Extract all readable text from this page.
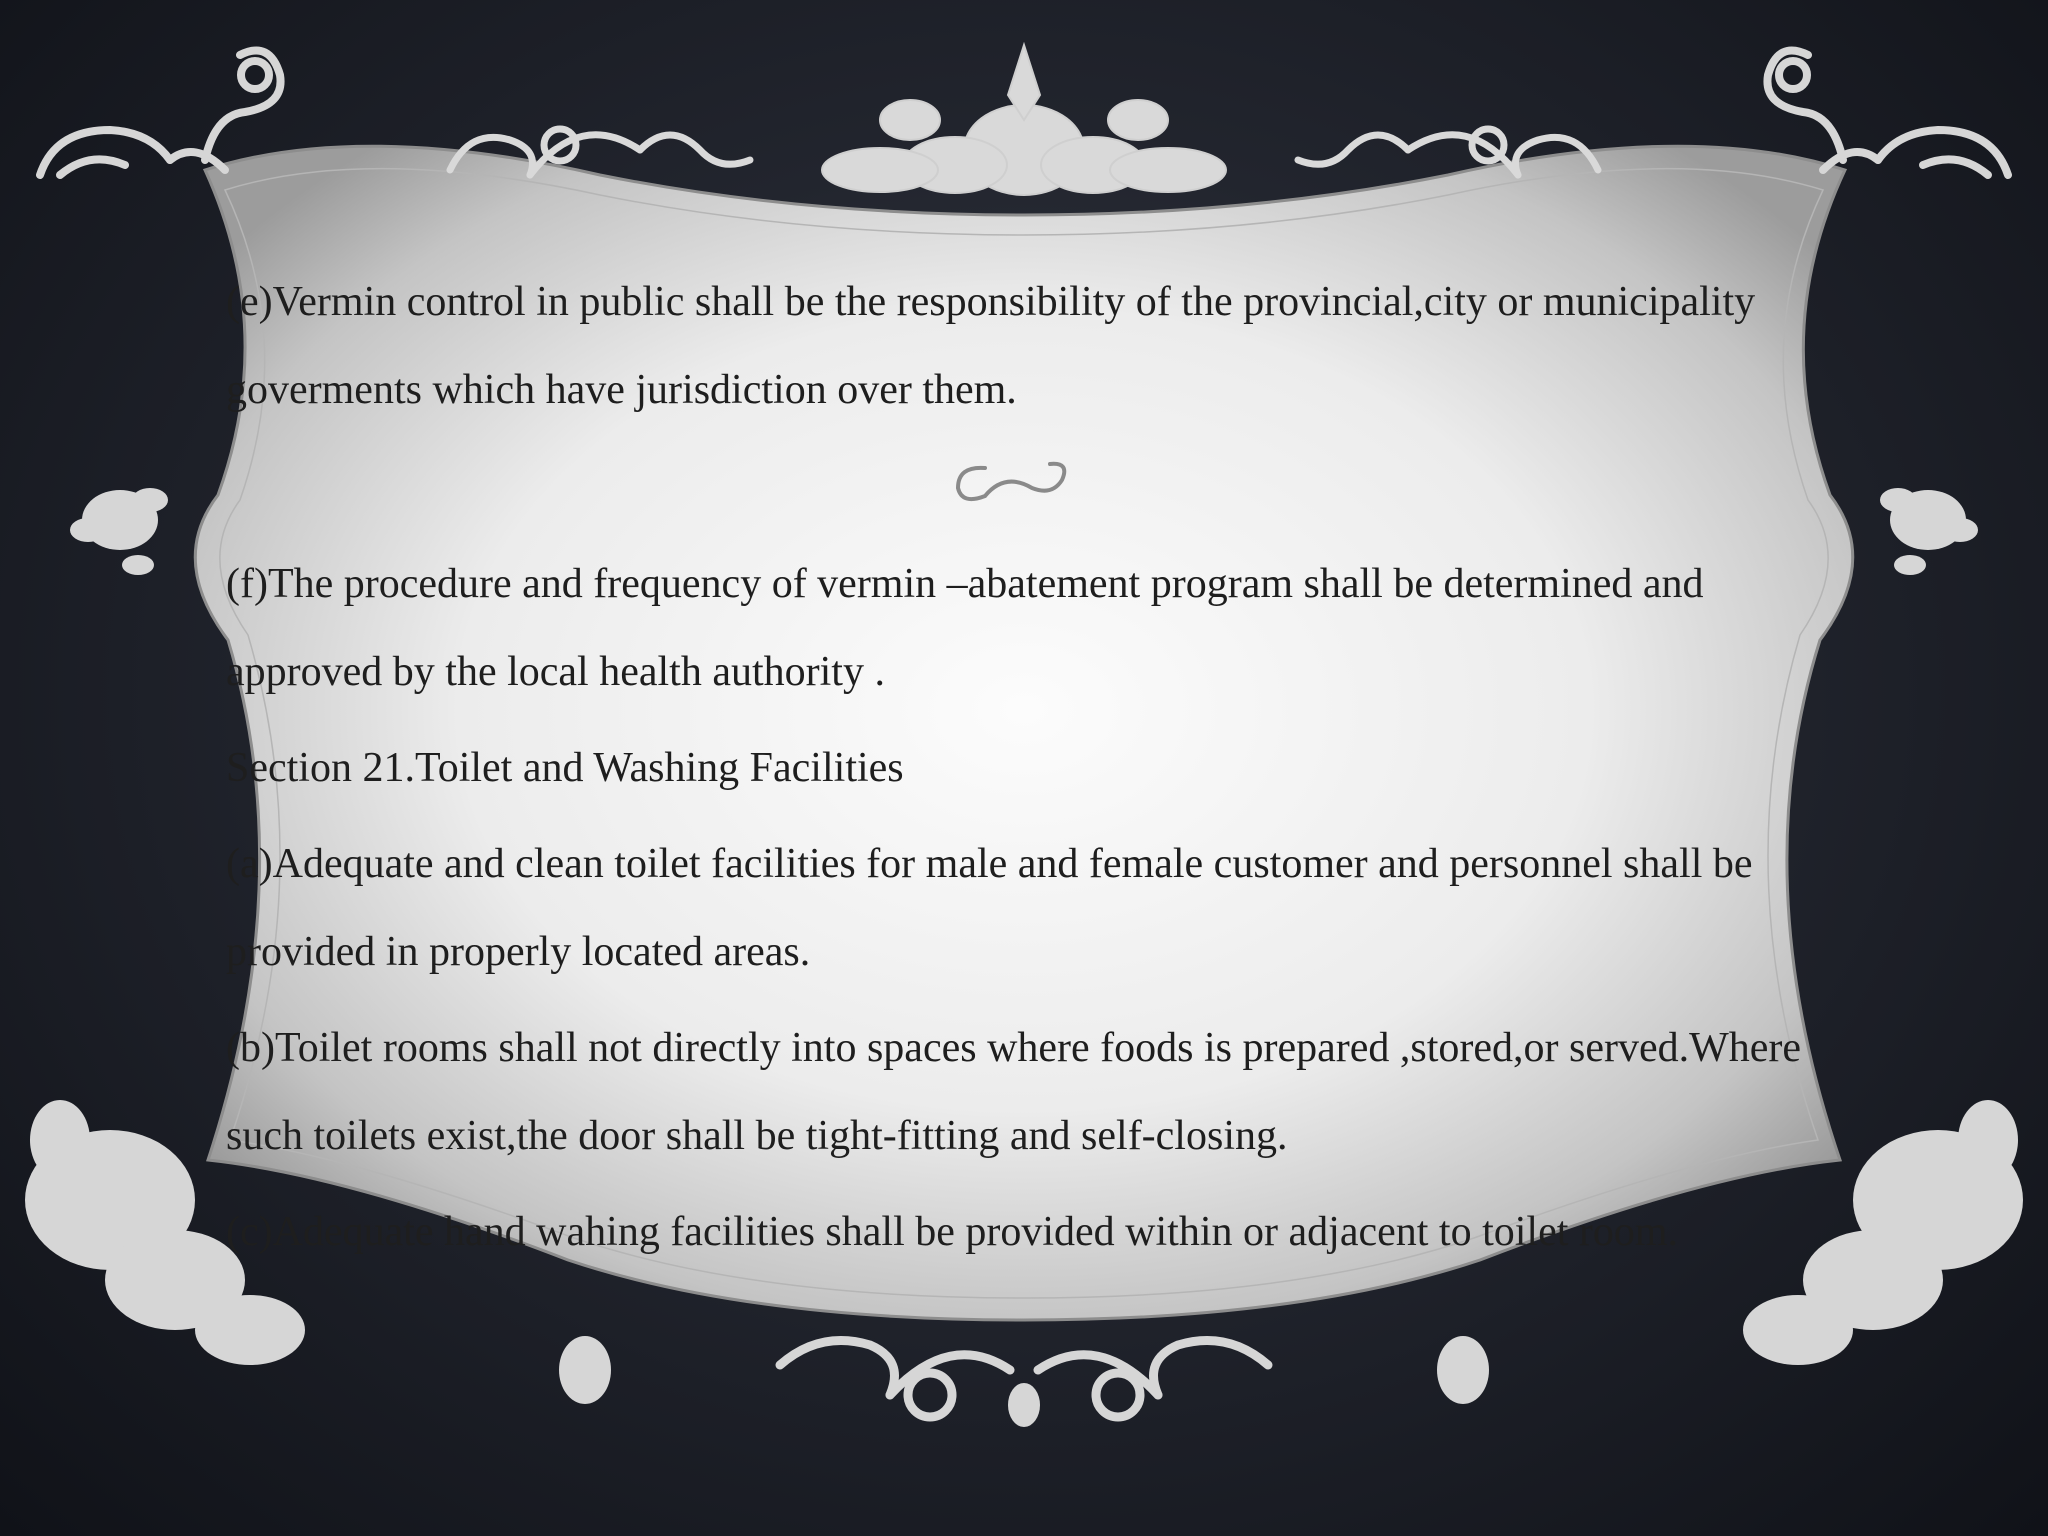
(e)Vermin control in public shall be the responsibility of the provincial,city or municipality goverments which have jurisdiction over them.

(f)The procedure and frequency of vermin –abatement program shall be determined and approved by the local health authority .

Section 21.Toilet and Washing Facilities

(a)Adequate and clean toilet facilities for male and female customer and personnel shall be provided in properly located areas.

(b)Toilet rooms shall not directly into spaces where foods is prepared ,stored,or served.Where such toilets exist,the door shall be tight-fitting and self-closing.

(c)Adequate hand wahing facilities shall be provided within or adjacent to toilet room.
